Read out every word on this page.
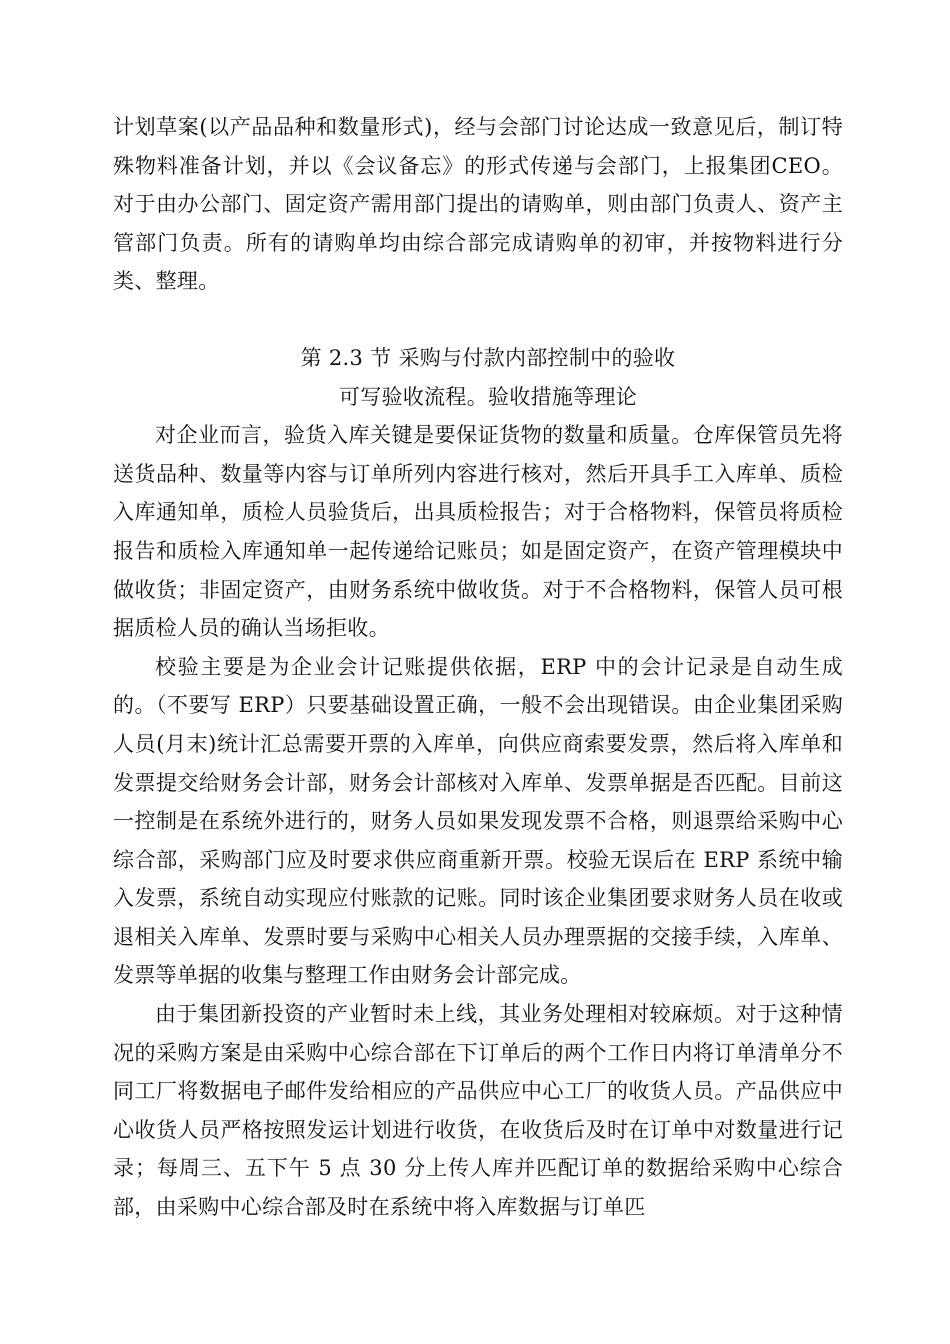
计划草案(以产品品种和数量形式)，经与会部门讨论达成一致意见后，制订特殊物料准备计划，并以《会议备忘》的形式传递与会部门，上报集团CEO。对于由办公部门、固定资产需用部门提出的请购单，则由部门负责人、资产主管部门负责。所有的请购单均由综合部完成请购单的初审，并按物料进行分类、整理。

第 2.3 节 采购与付款内部控制中的验收

可写验收流程。验收措施等理论

对企业而言，验货入库关键是要保证货物的数量和质量。仓库保管员先将送货品种、数量等内容与订单所列内容进行核对，然后开具手工入库单、质检入库通知单，质检人员验货后，出具质检报告；对于合格物料，保管员将质检报告和质检入库通知单一起传递给记账员；如是固定资产，在资产管理模块中做收货；非固定资产，由财务系统中做收货。对于不合格物料，保管人员可根据质检人员的确认当场拒收。

校验主要是为企业会计记账提供依据，ERP 中的会计记录是自动生成的。（不要写 ERP）只要基础设置正确，一般不会出现错误。由企业集团采购人员(月末)统计汇总需要开票的入库单，向供应商索要发票，然后将入库单和发票提交给财务会计部，财务会计部核对入库单、发票单据是否匹配。目前这一控制是在系统外进行的，财务人员如果发现发票不合格，则退票给采购中心综合部，采购部门应及时要求供应商重新开票。校验无误后在 ERP 系统中输入发票，系统自动实现应付账款的记账。同时该企业集团要求财务人员在收或退相关入库单、发票时要与采购中心相关人员办理票据的交接手续，入库单、发票等单据的收集与整理工作由财务会计部完成。

由于集团新投资的产业暂时未上线，其业务处理相对较麻烦。对于这种情况的采购方案是由采购中心综合部在下订单后的两个工作日内将订单清单分不同工厂将数据电子邮件发给相应的产品供应中心工厂的收货人员。产品供应中心收货人员严格按照发运计划进行收货，在收货后及时在订单中对数量进行记录；每周三、五下午 5 点 30 分上传人库并匹配订单的数据给采购中心综合部，由采购中心综合部及时在系统中将入库数据与订单匹
